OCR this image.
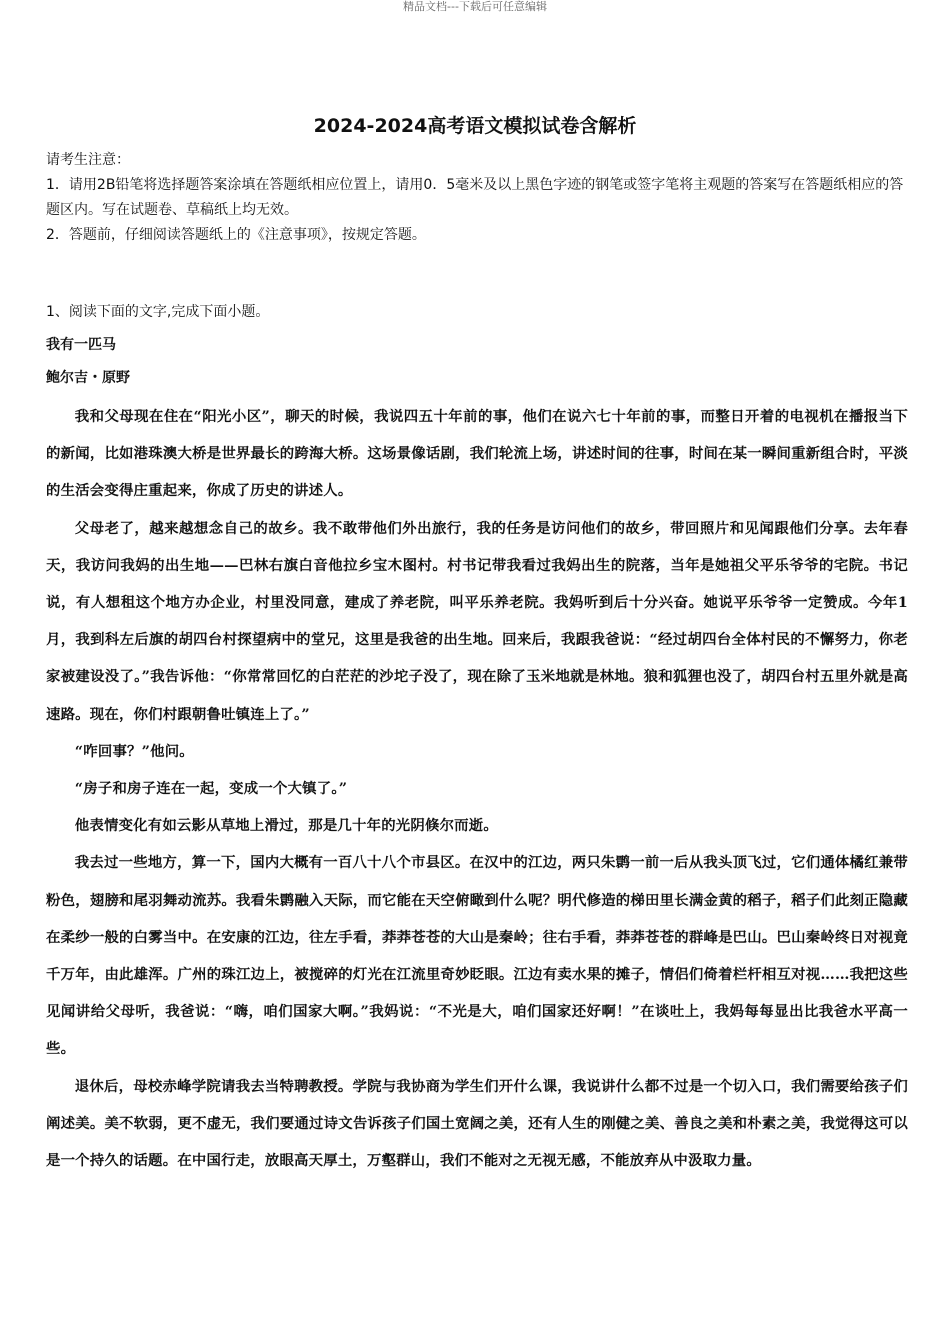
精品文档---下载后可任意编辑
2024-2024高考语文模拟试卷含解析

请考生注意：

1．请用2B铅笔将选择题答案涂填在答题纸相应位置上，请用0．5毫米及以上黑色字迹的钢笔或签字笔将主观题的答案写在答题纸相应的答题区内。写在试题卷、草稿纸上均无效。

2．答题前，仔细阅读答题纸上的《注意事项》，按规定答题。

1、阅读下面的文字,完成下面小题。
我有一匹马
鲍尔吉・原野

我和父母现在住在“阳光小区”，聊天的时候，我说四五十年前的事，他们在说六七十年前的事，而整日开着的电视机在播报当下的新闻，比如港珠澳大桥是世界最长的跨海大桥。这场景像话剧，我们轮流上场，讲述时间的往事，时间在某一瞬间重新组合时，平淡的生活会变得庄重起来，你成了历史的讲述人。

父母老了，越来越想念自己的故乡。我不敢带他们外出旅行，我的任务是访问他们的故乡，带回照片和见闻跟他们分享。去年春天，我访问我妈的出生地——巴林右旗白音他拉乡宝木图村。村书记带我看过我妈出生的院落，当年是她祖父平乐爷爷的宅院。书记说，有人想租这个地方办企业，村里没同意，建成了养老院，叫平乐养老院。我妈听到后十分兴奋。她说平乐爷爷一定赞成。今年1月，我到科左后旗的胡四台村探望病中的堂兄，这里是我爸的出生地。回来后，我跟我爸说：“经过胡四台全体村民的不懈努力，你老家被建设没了。”我告诉他：“你常常回忆的白茫茫的沙坨子没了，现在除了玉米地就是林地。狼和狐狸也没了，胡四台村五里外就是高速路。现在，你们村跟朝鲁吐镇连上了。”

“咋回事？”他问。

“房子和房子连在一起，变成一个大镇了。”

他表情变化有如云影从草地上滑过，那是几十年的光阴倏尔而逝。

我去过一些地方，算一下，国内大概有一百八十八个市县区。在汉中的江边，两只朱鹮一前一后从我头顶飞过，它们通体橘红兼带粉色，翅膀和尾羽舞动流苏。我看朱鹮融入天际，而它能在天空俯瞰到什么呢？明代修造的梯田里长满金黄的稻子，稻子们此刻正隐藏在柔纱一般的白雾当中。在安康的江边，往左手看，莽莽苍苍的大山是秦岭；往右手看，莽莽苍苍的群峰是巴山。巴山秦岭终日对视竟千万年，由此雄浑。广州的珠江边上，被搅碎的灯光在江流里奇妙眨眼。江边有卖水果的摊子，情侣们倚着栏杆相互对视……我把这些见闻讲给父母听，我爸说：“嗨，咱们国家大啊。”我妈说：“不光是大，咱们国家还好啊！”在谈吐上，我妈每每显出比我爸水平高一些。

退休后，母校赤峰学院请我去当特聘教授。学院与我协商为学生们开什么课，我说讲什么都不过是一个切入口，我们需要给孩子们阐述美。美不软弱，更不虚无，我们要通过诗文告诉孩子们国土宽阔之美，还有人生的刚健之美、善良之美和朴素之美，我觉得这可以是一个持久的话题。在中国行走，放眼高天厚土，万壑群山，我们不能对之无视无感，不能放弃从中汲取力量。
